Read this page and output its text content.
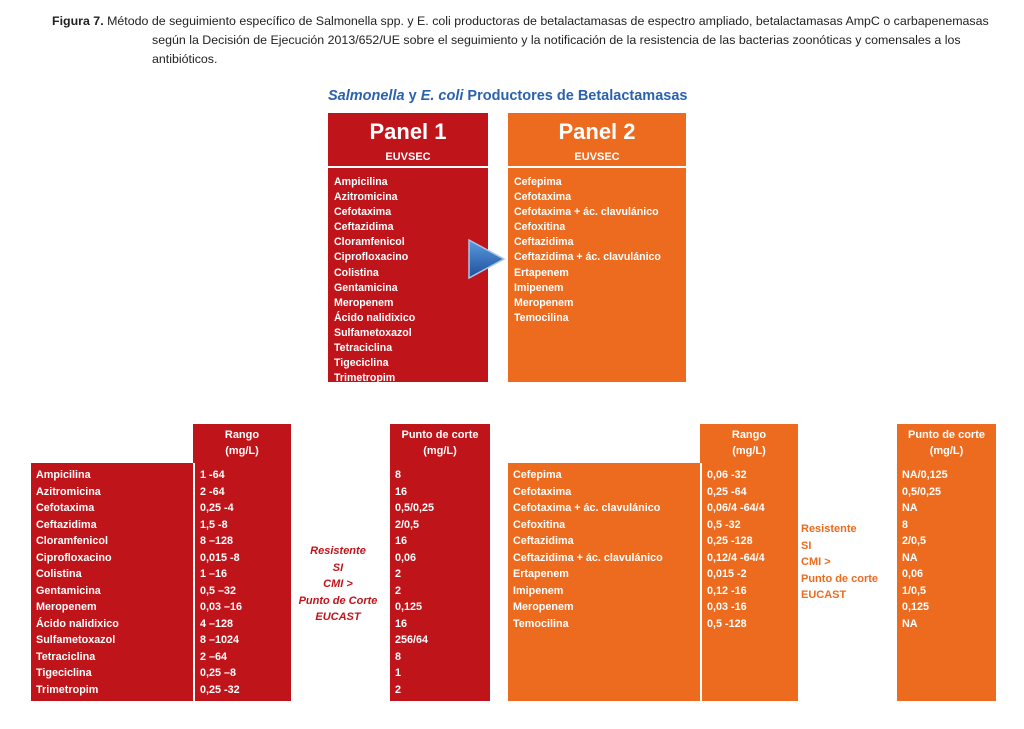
Figura 7. Método de seguimiento específico de Salmonella spp. y E. coli productoras de betalactamasas de espectro ampliado, betalactamasas AmpC o carbapenemasas
según la Decisión de Ejecución 2013/652/UE sobre el seguimiento y la notificación de la resistencia de las bacterias zoonóticas y comensales a los antibióticos.
Salmonella y E. coli Productores de Betalactamasas
Panel 1
EUVSEC
Ampicilina
Azitromicina
Cefotaxima
Ceftazidima
Cloramfenicol
Ciprofloxacino
Colistina
Gentamicina
Meropenem
Ácido nalidixico
Sulfametoxazol
Tetraciclina
Tigeciclina
Trimetropim
Panel 2
EUVSEC
Cefepima
Cefotaxima
Cefotaxima + ác. clavulánico
Cefoxitina
Ceftazidima
Ceftazidima + ác. clavulánico
Ertapenem
Imipenem
Meropenem
Temocilina
Rango
(mg/L)
Punto de corte
(mg/L)
Ampicilina
Azitromicina
Cefotaxima
Ceftazidima
Cloramfenicol
Ciprofloxacino
Colistina
Gentamicina
Meropenem
Ácido nalidixico
Sulfametoxazol
Tetraciclina
Tigeciclina
Trimetropim
1 -64
2 -64
0,25 -4
1,5 -8
8 –128
0,015 -8
1 –16
0,5 –32
0,03 –16
4 –128
8 –1024
2 –64
0,25 –8
0,25 -32
Resistente
SI
CMI >
Punto de Corte
EUCAST
8
16
0,5/0,25
2/0,5
16
0,06
2
2
0,125
16
256/64
8
1
2
Rango
(mg/L)
Punto de corte
(mg/L)
Cefepima
Cefotaxima
Cefotaxima + ác. clavulánico
Cefoxitina
Ceftazidima
Ceftazidima + ác. clavulánico
Ertapenem
Imipenem
Meropenem
Temocilina
0,06 -32
0,25 -64
0,06/4 -64/4
0,5 -32
0,25 -128
0,12/4 -64/4
0,015 -2
0,12 -16
0,03 -16
0,5 -128
Resistente
SI
CMI >
Punto de corte
EUCAST
NA/0,125
0,5/0,25
NA
8
2/0,5
NA
0,06
1/0,5
0,125
NA
